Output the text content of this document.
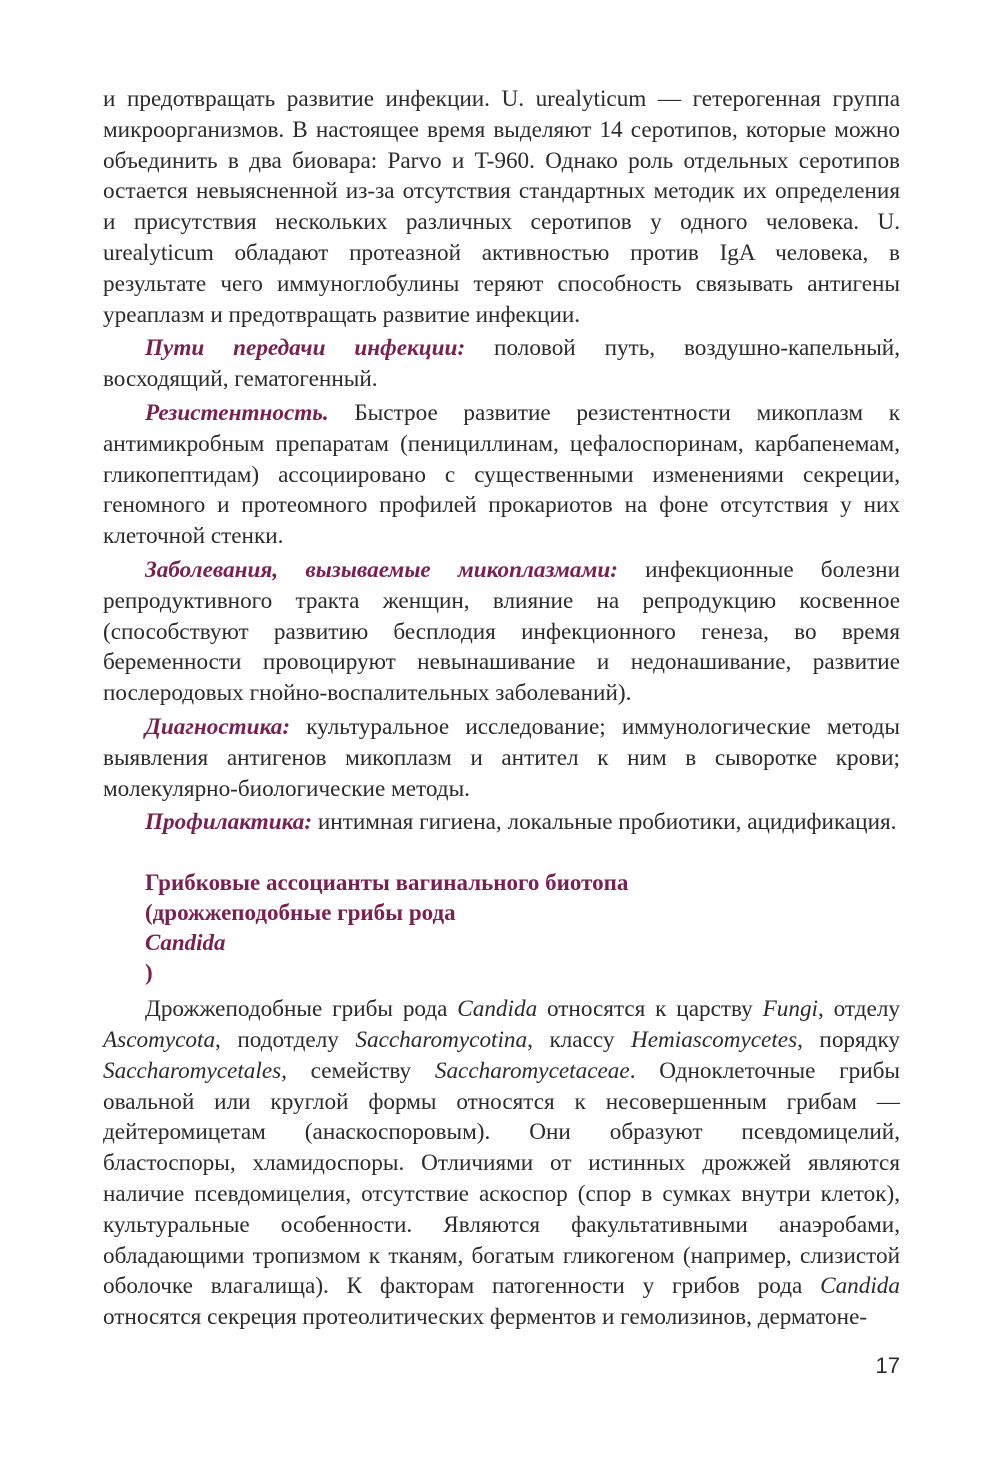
и предотвращать развитие инфекции. U. urealyticum — гетерогенная группа микроорганизмов. В настоящее время выделяют 14 серотипов, которые можно объединить в два биовара: Parvo и T-960. Однако роль отдельных серотипов остается невыясненной из-за отсутствия стандартных методик их определения и присутствия нескольких различных серотипов у одного человека. U. urealyticum обладают протеазной активностью против IgA человека, в результате чего иммуноглобулины теряют способность связывать антигены уреаплазм и предотвращать развитие инфекции.

Пути передачи инфекции: половой путь, воздушно-капельный, восходящий, гематогенный.

Резистентность. Быстрое развитие резистентности микоплазм к антимикробным препаратам (пенициллинам, цефалоспоринам, карбапенемам, гликопептидам) ассоциировано с существенными изменениями секреции, геномного и протеомного профилей прокариотов на фоне отсутствия у них клеточной стенки.

Заболевания, вызываемые микоплазмами: инфекционные болезни репродуктивного тракта женщин, влияние на репродукцию косвенное (способствуют развитию бесплодия инфекционного генеза, во время беременности провоцируют невынашивание и недонашивание, развитие послеродовых гнойно-воспалительных заболеваний).

Диагностика: культуральное исследование; иммунологические методы выявления антигенов микоплазм и антител к ним в сыворотке крови; молекулярно-биологические методы.

Профилактика: интимная гигиена, локальные пробиотики, ацидификация.

Грибковые ассоцианты вагинального биотопа
(дрожжеподобные грибы рода
Candida
)

Дрожжеподобные грибы рода Candida относятся к царству Fungi, отделу Ascomycota, подотделу Saccharomycotina, классу Hemiascomycetes, порядку Saccharomycetales, семейству Saccharomycetaceae. Одноклеточные грибы овальной или круглой формы относятся к несовершенным грибам — дейтеромицетам (анаскоспоровым). Они образуют псевдомицелий, бластоспоры, хламидоспоры. Отличиями от истинных дрожжей являются наличие псевдомицелия, отсутствие аскоспор (спор в сумках внутри клеток), культуральные особенности. Являются факультативными анаэробами, обладающими тропизмом к тканям, богатым гликогеном (например, слизистой оболочке влагалища). К факторам патогенности у грибов рода Candida относятся секреция протеолитических ферментов и гемолизинов, дерматоне-

17
